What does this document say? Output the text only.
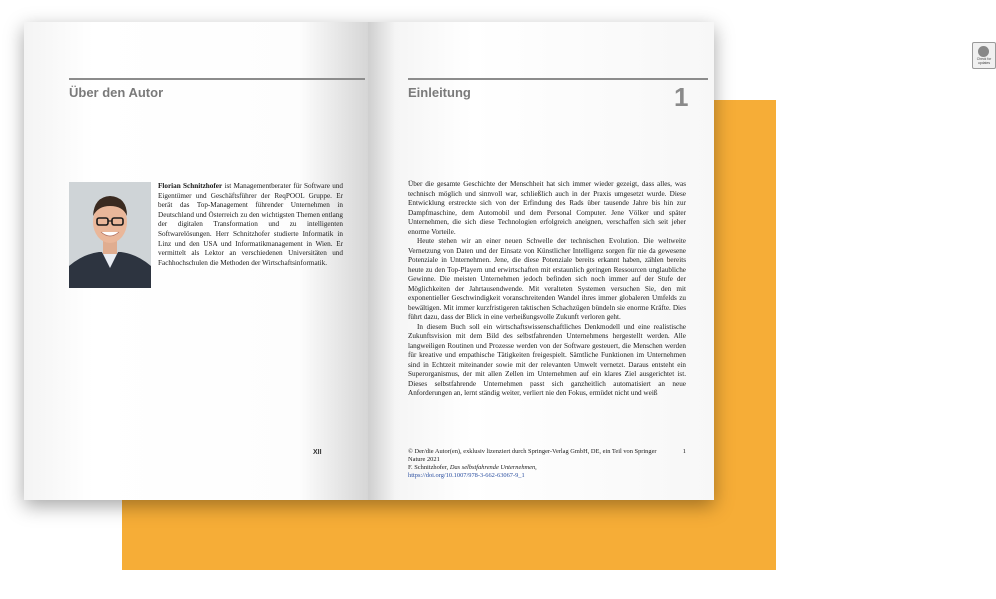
Über den Autor
Florian Schnitzhofer ist Managementberater für Software und Eigentümer und Geschäftsführer der ReqPOOL Gruppe. Er berät das Top-Management führender Unternehmen in Deutschland und Österreich zu den wichtigsten Themen entlang der digitalen Transformation und zu intelligenten Softwarelösungen. Herr Schnitzhofer studierte Informatik in Linz und den USA und Informatikmanagement in Wien. Er vermittelt als Lektor an verschiedenen Universitäten und Fachhochschulen die Methoden der Wirtschaftsinformatik.
XII
Check for updates
Einleitung	1

Über die gesamte Geschichte der Menschheit hat sich immer wieder gezeigt, dass alles, was technisch möglich und sinnvoll war, schließlich auch in der Praxis umgesetzt wurde. Diese Entwicklung erstreckte sich von der Erfindung des Rads über tausende Jahre bis hin zur Dampfmaschine, dem Automobil und dem Personal Computer. Jene Völker und später Unternehmen, die sich diese Technologien erfolgreich aneignen, verschaffen sich seit jeher enorme Vorteile.

Heute stehen wir an einer neuen Schwelle der technischen Evolution. Die weltweite Vernetzung von Daten und der Einsatz von Künstlicher Intelligenz sorgen für nie da gewesene Potenziale in Unternehmen. Jene, die diese Potenziale bereits erkannt haben, zählen bereits heute zu den Top-Playern und erwirtschaften mit erstaunlich geringen Ressourcen unglaubliche Gewinne. Die meisten Unternehmen jedoch befinden sich noch immer auf der Stufe der Möglichkeiten der Jahrtausendwende. Mit veralteten Systemen versuchen Sie, den mit exponentieller Geschwindigkeit voranschreitenden Wandel ihres immer globaleren Umfelds zu bewältigen. Mit immer kurzfristigeren taktischen Schachzügen bündeln sie enorme Kräfte. Dies führt dazu, dass der Blick in eine verheißungsvolle Zukunft verloren geht.

In diesem Buch soll ein wirtschaftswissenschaftliches Denkmodell und eine realistische Zukunftsvision mit dem Bild des selbstfahrenden Unternehmens hergestellt werden. Alle langweiligen Routinen und Prozesse werden von der Software gesteuert, die Menschen werden für kreative und empathische Tätigkeiten freigespielt. Sämtliche Funktionen im Unternehmen sind in Echtzeit miteinander sowie mit der relevanten Umwelt vernetzt. Daraus entsteht ein Superorganismus, der mit allen Zellen im Unternehmen auf ein klares Ziel ausgerichtet ist. Dieses selbstfahrende Unternehmen passt sich ganzheitlich automatisiert an neue Anforderungen an, lernt ständig weiter, verliert nie den Fokus, ermüdet nicht und weiß

1
© Der/die Autor(en), exklusiv lizenziert durch Springer-Verlag GmbH, DE, ein Teil von Springer Nature 2021
F. Schnitzhofer, Das selbstfahrende Unternehmen,
https://doi.org/10.1007/978-3-662-63067-9_1
